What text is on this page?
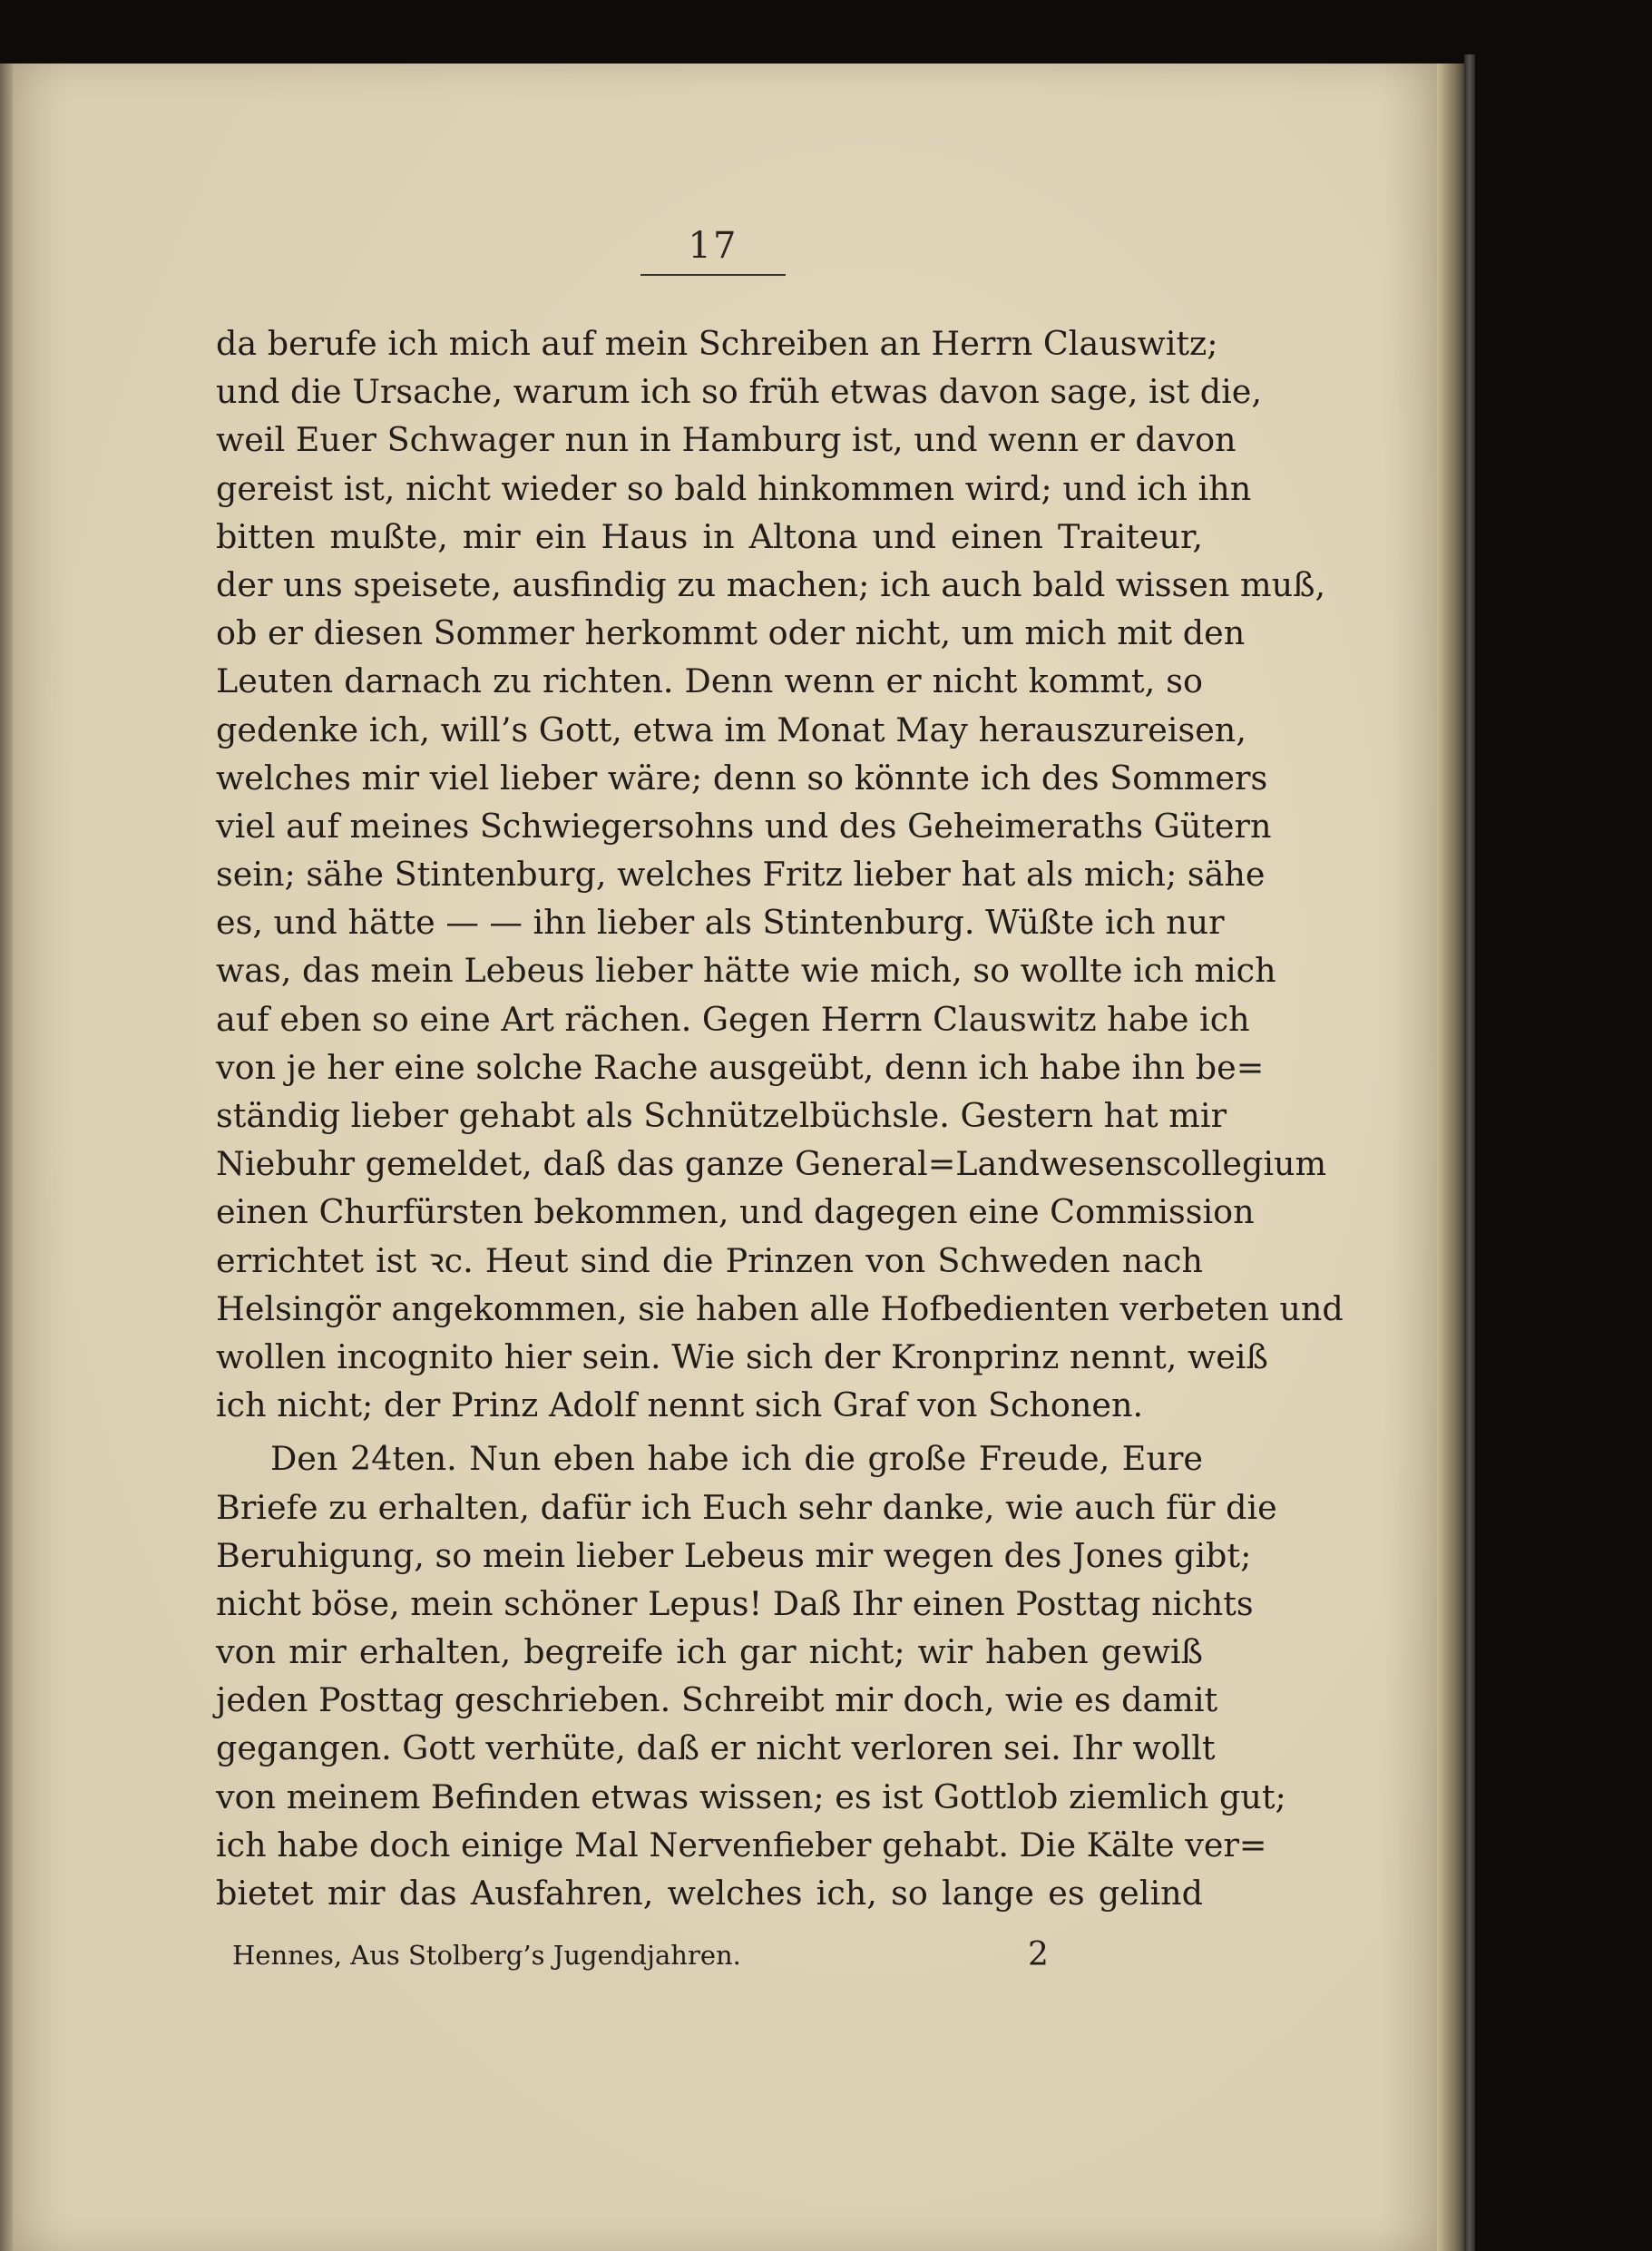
17
da berufe ich mich auf mein Schreiben an Herrn Clauswitz;
und die Ursache, warum ich so früh etwas davon sage, ist die,
weil Euer Schwager nun in Hamburg ist, und wenn er davon
gereist ist, nicht wieder so bald hinkommen wird; und ich ihn
bitten mußte, mir ein Haus in Altona und einen Traiteur,
der uns speisete, ausfindig zu machen; ich auch bald wissen muß,
ob er diesen Sommer herkommt oder nicht, um mich mit den
Leuten darnach zu richten. Denn wenn er nicht kommt, so
gedenke ich, will’s Gott, etwa im Monat May herauszureisen,
welches mir viel lieber wäre; denn so könnte ich des Sommers
viel auf meines Schwiegersohns und des Geheimeraths Gütern
sein; sähe Stintenburg, welches Fritz lieber hat als mich; sähe
es, und hätte — — ihn lieber als Stintenburg. Wüßte ich nur
was, das mein Lebeus lieber hätte wie mich, so wollte ich mich
auf eben so eine Art rächen. Gegen Herrn Clauswitz habe ich
von je her eine solche Rache ausgeübt, denn ich habe ihn be=
ständig lieber gehabt als Schnützelbüchsle. Gestern hat mir
Niebuhr gemeldet, daß das ganze General=Landwesenscollegium
einen Churfürsten bekommen, und dagegen eine Commission
errichtet ist ꝛc. Heut sind die Prinzen von Schweden nach
Helsingör angekommen, sie haben alle Hofbedienten verbeten und
wollen incognito hier sein. Wie sich der Kronprinz nennt, weiß
ich nicht; der Prinz Adolf nennt sich Graf von Schonen.
Den 24ten. Nun eben habe ich die große Freude, Eure
Briefe zu erhalten, dafür ich Euch sehr danke, wie auch für die
Beruhigung, so mein lieber Lebeus mir wegen des Jones gibt;
nicht böse, mein schöner Lepus! Daß Ihr einen Posttag nichts
von mir erhalten, begreife ich gar nicht; wir haben gewiß
jeden Posttag geschrieben. Schreibt mir doch, wie es damit
gegangen. Gott verhüte, daß er nicht verloren sei. Ihr wollt
von meinem Befinden etwas wissen; es ist Gottlob ziemlich gut;
ich habe doch einige Mal Nervenfieber gehabt. Die Kälte ver=
bietet mir das Ausfahren, welches ich, so lange es gelind
Hennes, Aus Stolberg’s Jugendjahren.	2
